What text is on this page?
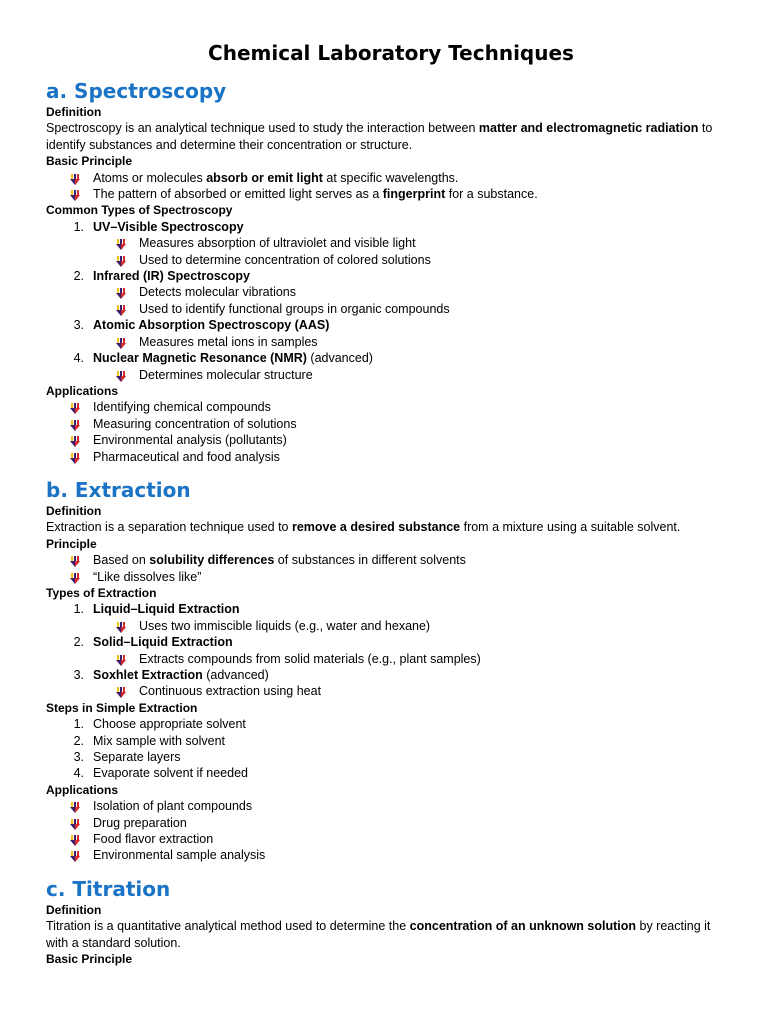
Chemical Laboratory Techniques
a. Spectroscopy
Definition

Spectroscopy is an analytical technique used to study the interaction between matter and electromagnetic radiation to identify substances and determine their concentration or structure.

Basic Principle
Atoms or molecules absorb or emit light at specific wavelengths.
The pattern of absorbed or emitted light serves as a fingerprint for a substance.
Common Types of Spectroscopy
1. UV–Visible Spectroscopy
Measures absorption of ultraviolet and visible light
Used to determine concentration of colored solutions
2. Infrared (IR) Spectroscopy
Detects molecular vibrations
Used to identify functional groups in organic compounds
3. Atomic Absorption Spectroscopy (AAS)
Measures metal ions in samples
4. Nuclear Magnetic Resonance (NMR) (advanced)
Determines molecular structure
Applications
Identifying chemical compounds
Measuring concentration of solutions
Environmental analysis (pollutants)
Pharmaceutical and food analysis
b. Extraction
Definition

Extraction is a separation technique used to remove a desired substance from a mixture using a suitable solvent.

Principle
Based on solubility differences of substances in different solvents
“Like dissolves like”
Types of Extraction
1. Liquid–Liquid Extraction
Uses two immiscible liquids (e.g., water and hexane)
2. Solid–Liquid Extraction
Extracts compounds from solid materials (e.g., plant samples)
3. Soxhlet Extraction (advanced)
Continuous extraction using heat
Steps in Simple Extraction
1. Choose appropriate solvent
2. Mix sample with solvent
3. Separate layers
4. Evaporate solvent if needed
Applications
Isolation of plant compounds
Drug preparation
Food flavor extraction
Environmental sample analysis
c. Titration
Definition

Titration is a quantitative analytical method used to determine the concentration of an unknown solution by reacting it with a standard solution.

Basic Principle
